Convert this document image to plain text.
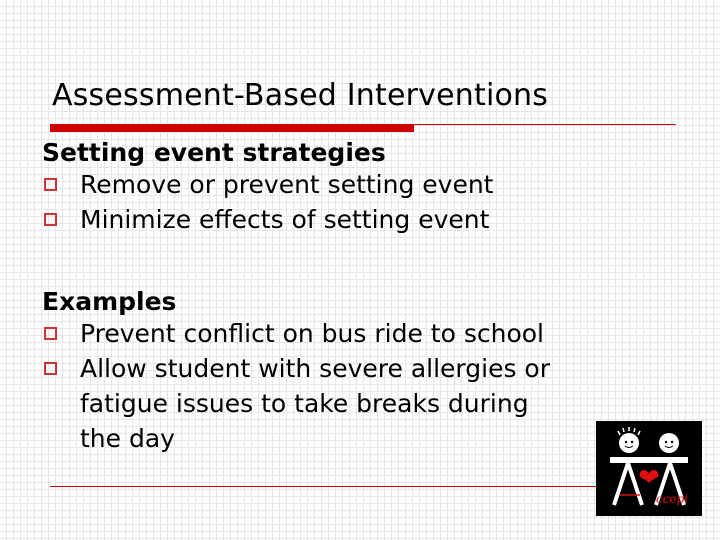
Assessment-Based Interventions
Setting event strategies
Remove or prevent setting event
Minimize effects of setting event
Examples
Prevent conflict on bus ride to school
Allow student with severe allergies or
fatigue issues to take breaks during
the day
ccepi
